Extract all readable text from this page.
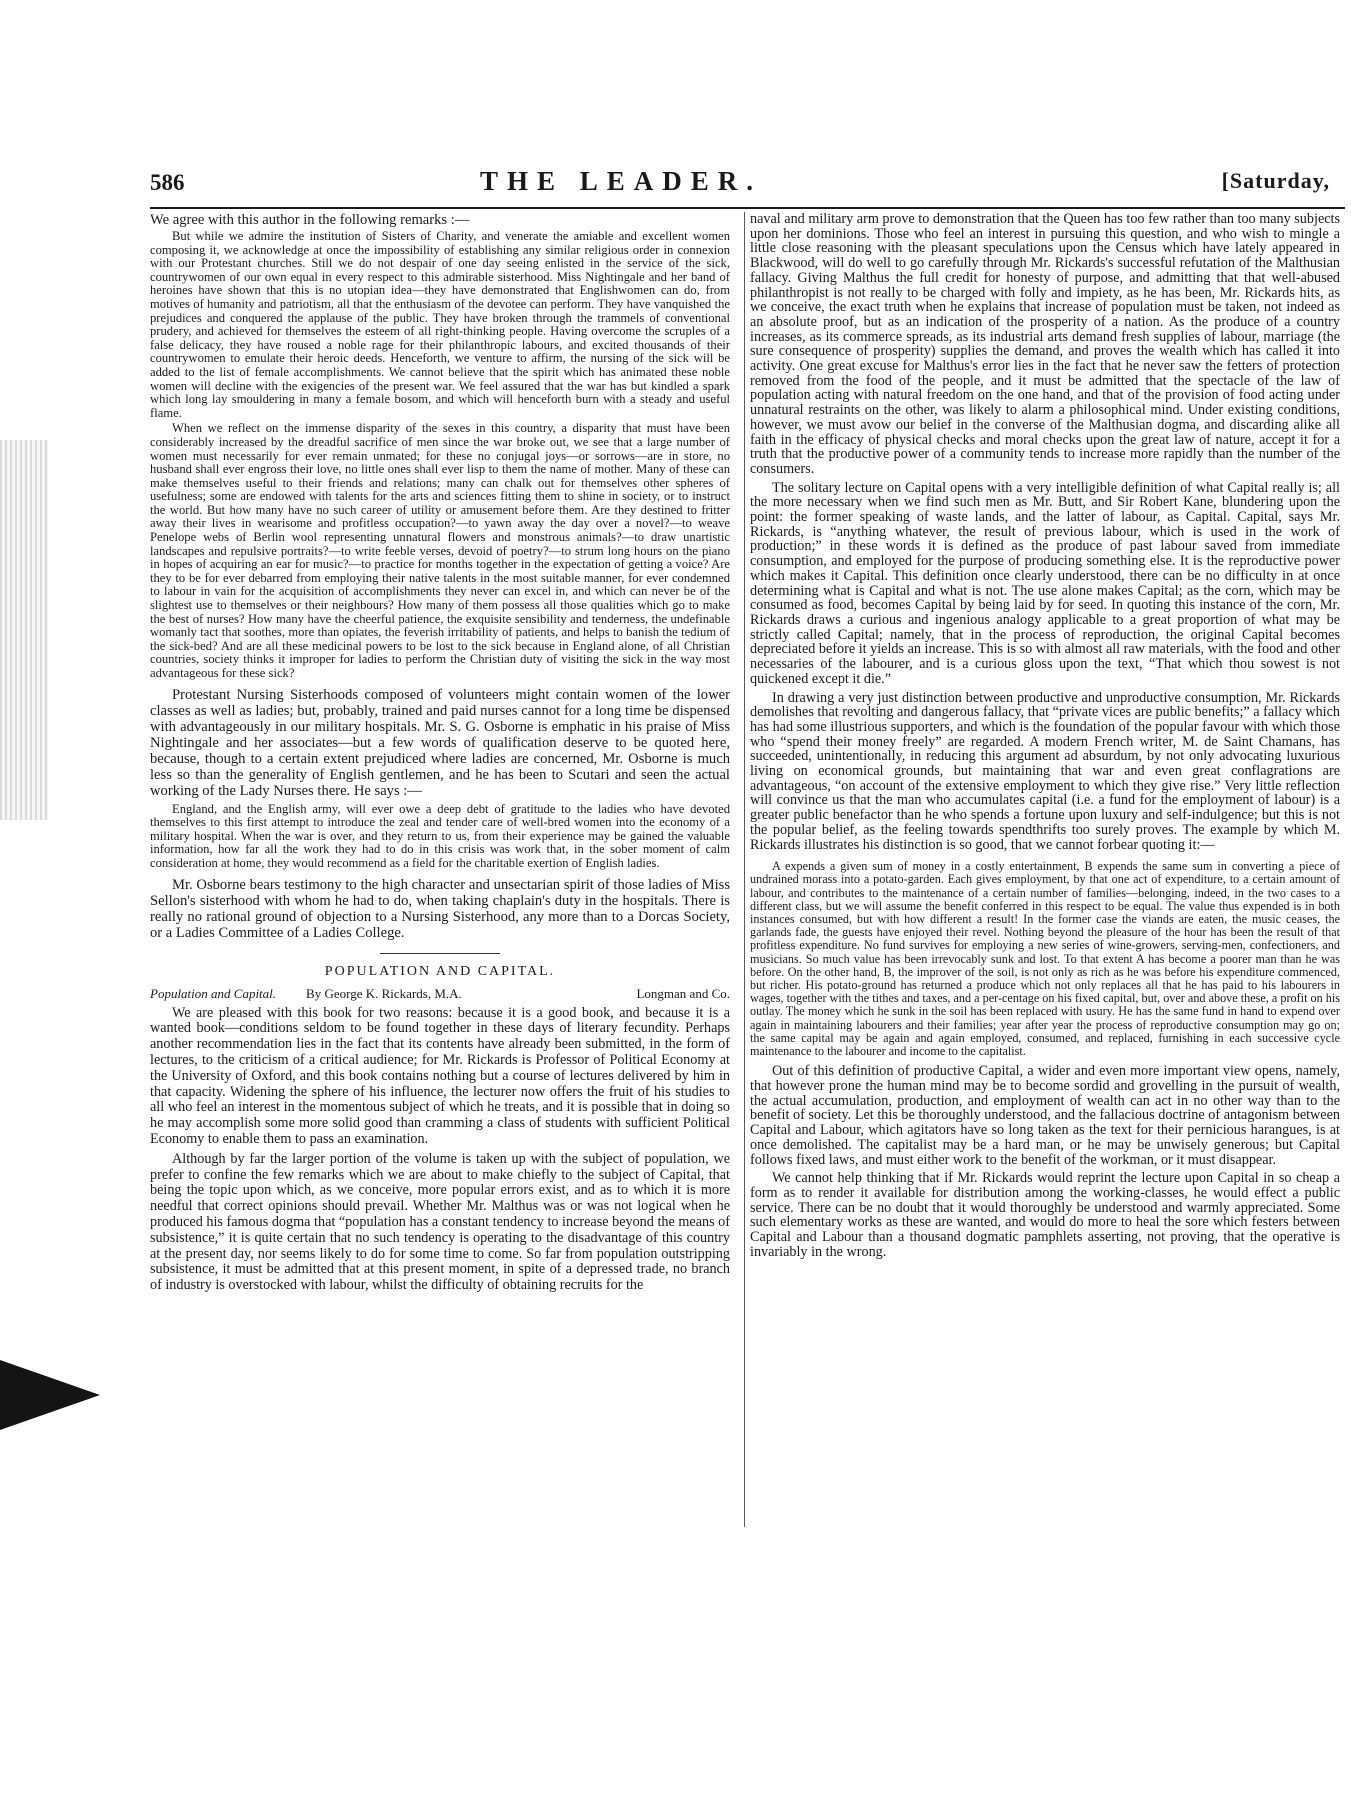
586	THE LEADER.	[Saturday,

We agree with this author in the following remarks :—

But while we admire the institution of Sisters of Charity, and venerate the amiable and excellent women composing it, we acknowledge at once the impossibility of establishing any similar religious order in connexion with our Protestant churches. Still we do not despair of one day seeing enlisted in the service of the sick, countrywomen of our own equal in every respect to this admirable sisterhood. Miss Nightingale and her band of heroines have shown that this is no utopian idea—they have demonstrated that Englishwomen can do, from motives of humanity and patriotism, all that the enthusiasm of the devotee can perform. They have vanquished the prejudices and conquered the applause of the public. They have broken through the trammels of conventional prudery, and achieved for themselves the esteem of all right-thinking people. Having overcome the scruples of a false delicacy, they have roused a noble rage for their philanthropic labours, and excited thousands of their countrywomen to emulate their heroic deeds. Henceforth, we venture to affirm, the nursing of the sick will be added to the list of female accomplishments. We cannot believe that the spirit which has animated these noble women will decline with the exigencies of the present war. We feel assured that the war has but kindled a spark which long lay smouldering in many a female bosom, and which will henceforth burn with a steady and useful flame.

When we reflect on the immense disparity of the sexes in this country, a disparity that must have been considerably increased by the dreadful sacrifice of men since the war broke out, we see that a large number of women must necessarily for ever remain unmated; for these no conjugal joys—or sorrows—are in store, no husband shall ever engross their love, no little ones shall ever lisp to them the name of mother. Many of these can make themselves useful to their friends and relations; many can chalk out for themselves other spheres of usefulness; some are endowed with talents for the arts and sciences fitting them to shine in society, or to instruct the world. But how many have no such career of utility or amusement before them. Are they destined to fritter away their lives in wearisome and profitless occupation?—to yawn away the day over a novel?—to weave Penelope webs of Berlin wool representing unnatural flowers and monstrous animals?—to draw unartistic landscapes and repulsive portraits?—to write feeble verses, devoid of poetry?—to strum long hours on the piano in hopes of acquiring an ear for music?—to practice for months together in the expectation of getting a voice? Are they to be for ever debarred from employing their native talents in the most suitable manner, for ever condemned to labour in vain for the acquisition of accomplishments they never can excel in, and which can never be of the slightest use to themselves or their neighbours? How many of them possess all those qualities which go to make the best of nurses? How many have the cheerful patience, the exquisite sensibility and tenderness, the undefinable womanly tact that soothes, more than opiates, the feverish irritability of patients, and helps to banish the tedium of the sick-bed? And are all these medicinal powers to be lost to the sick because in England alone, of all Christian countries, society thinks it improper for ladies to perform the Christian duty of visiting the sick in the way most advantageous for these sick?

Protestant Nursing Sisterhoods composed of volunteers might contain women of the lower classes as well as ladies; but, probably, trained and paid nurses cannot for a long time be dispensed with advantageously in our military hospitals. Mr. S. G. Osborne is emphatic in his praise of Miss Nightingale and her associates—but a few words of qualification deserve to be quoted here, because, though to a certain extent prejudiced where ladies are concerned, Mr. Osborne is much less so than the generality of English gentlemen, and he has been to Scutari and seen the actual working of the Lady Nurses there. He says :—

England, and the English army, will ever owe a deep debt of gratitude to the ladies who have devoted themselves to this first attempt to introduce the zeal and tender care of well-bred women into the economy of a military hospital. When the war is over, and they return to us, from their experience may be gained the valuable information, how far all the work they had to do in this crisis was work that, in the sober moment of calm consideration at home, they would recommend as a field for the charitable exertion of English ladies.

Mr. Osborne bears testimony to the high character and unsectarian spirit of those ladies of Miss Sellon's sisterhood with whom he had to do, when taking chaplain's duty in the hospitals. There is really no rational ground of objection to a Nursing Sisterhood, any more than to a Dorcas Society, or a Ladies Committee of a Ladies College.

POPULATION AND CAPITAL.

Population and Capital. By George K. Rickards, M.A.	Longman and Co.

We are pleased with this book for two reasons: because it is a good book, and because it is a wanted book—conditions seldom to be found together in these days of literary fecundity. Perhaps another recommendation lies in the fact that its contents have already been submitted, in the form of lectures, to the criticism of a critical audience; for Mr. Rickards is Professor of Political Economy at the University of Oxford, and this book contains nothing but a course of lectures delivered by him in that capacity. Widening the sphere of his influence, the lecturer now offers the fruit of his studies to all who feel an interest in the momentous subject of which he treats, and it is possible that in doing so he may accomplish some more solid good than cramming a class of students with sufficient Political Economy to enable them to pass an examination.

Although by far the larger portion of the volume is taken up with the subject of population, we prefer to confine the few remarks which we are about to make chiefly to the subject of Capital, that being the topic upon which, as we conceive, more popular errors exist, and as to which it is more needful that correct opinions should prevail. Whether Mr. Malthus was or was not logical when he produced his famous dogma that “population has a constant tendency to increase beyond the means of subsistence,” it is quite certain that no such tendency is operating to the disadvantage of this country at the present day, nor seems likely to do for some time to come. So far from population outstripping subsistence, it must be admitted that at this present moment, in spite of a depressed trade, no branch of industry is overstocked with labour, whilst the difficulty of obtaining recruits for the

naval and military arm prove to demonstration that the Queen has too few rather than too many subjects upon her dominions. Those who feel an interest in pursuing this question, and who wish to mingle a little close reasoning with the pleasant speculations upon the Census which have lately appeared in Blackwood, will do well to go carefully through Mr. Rickards's successful refutation of the Malthusian fallacy. Giving Malthus the full credit for honesty of purpose, and admitting that that well-abused philanthropist is not really to be charged with folly and impiety, as he has been, Mr. Rickards hits, as we conceive, the exact truth when he explains that increase of population must be taken, not indeed as an absolute proof, but as an indication of the prosperity of a nation. As the produce of a country increases, as its commerce spreads, as its industrial arts demand fresh supplies of labour, marriage (the sure consequence of prosperity) supplies the demand, and proves the wealth which has called it into activity. One great excuse for Malthus's error lies in the fact that he never saw the fetters of protection removed from the food of the people, and it must be admitted that the spectacle of the law of population acting with natural freedom on the one hand, and that of the provision of food acting under unnatural restraints on the other, was likely to alarm a philosophical mind. Under existing conditions, however, we must avow our belief in the converse of the Malthusian dogma, and discarding alike all faith in the efficacy of physical checks and moral checks upon the great law of nature, accept it for a truth that the productive power of a community tends to increase more rapidly than the number of the consumers.

The solitary lecture on Capital opens with a very intelligible definition of what Capital really is; all the more necessary when we find such men as Mr. Butt, and Sir Robert Kane, blundering upon the point: the former speaking of waste lands, and the latter of labour, as Capital. Capital, says Mr. Rickards, is “anything whatever, the result of previous labour, which is used in the work of production;” in these words it is defined as the produce of past labour saved from immediate consumption, and employed for the purpose of producing something else. It is the reproductive power which makes it Capital. This definition once clearly understood, there can be no difficulty in at once determining what is Capital and what is not. The use alone makes Capital; as the corn, which may be consumed as food, becomes Capital by being laid by for seed. In quoting this instance of the corn, Mr. Rickards draws a curious and ingenious analogy applicable to a great proportion of what may be strictly called Capital; namely, that in the process of reproduction, the original Capital becomes depreciated before it yields an increase. This is so with almost all raw materials, with the food and other necessaries of the labourer, and is a curious gloss upon the text, “That which thou sowest is not quickened except it die.”

In drawing a very just distinction between productive and unproductive consumption, Mr. Rickards demolishes that revolting and dangerous fallacy, that “private vices are public benefits;” a fallacy which has had some illustrious supporters, and which is the foundation of the popular favour with which those who “spend their money freely” are regarded. A modern French writer, M. de Saint Chamans, has succeeded, unintentionally, in reducing this argument ad absurdum, by not only advocating luxurious living on economical grounds, but maintaining that war and even great conflagrations are advantageous, “on account of the extensive employment to which they give rise.” Very little reflection will convince us that the man who accumulates capital (i.e. a fund for the employment of labour) is a greater public benefactor than he who spends a fortune upon luxury and self-indulgence; but this is not the popular belief, as the feeling towards spendthrifts too surely proves. The example by which M. Rickards illustrates his distinction is so good, that we cannot forbear quoting it:—

A expends a given sum of money in a costly entertainment, B expends the same sum in converting a piece of undrained morass into a potato-garden. Each gives employment, by that one act of expenditure, to a certain amount of labour, and contributes to the maintenance of a certain number of families—belonging, indeed, in the two cases to a different class, but we will assume the benefit conferred in this respect to be equal. The value thus expended is in both instances consumed, but with how different a result! In the former case the viands are eaten, the music ceases, the garlands fade, the guests have enjoyed their revel. Nothing beyond the pleasure of the hour has been the result of that profitless expenditure. No fund survives for employing a new series of wine-growers, serving-men, confectioners, and musicians. So much value has been irrevocably sunk and lost. To that extent A has become a poorer man than he was before. On the other hand, B, the improver of the soil, is not only as rich as he was before his expenditure commenced, but richer. His potato-ground has returned a produce which not only replaces all that he has paid to his labourers in wages, together with the tithes and taxes, and a per-centage on his fixed capital, but, over and above these, a profit on his outlay. The money which he sunk in the soil has been replaced with usury. He has the same fund in hand to expend over again in maintaining labourers and their families; year after year the process of reproductive consumption may go on; the same capital may be again and again employed, consumed, and replaced, furnishing in each successive cycle maintenance to the labourer and income to the capitalist.

Out of this definition of productive Capital, a wider and even more important view opens, namely, that however prone the human mind may be to become sordid and grovelling in the pursuit of wealth, the actual accumulation, production, and employment of wealth can act in no other way than to the benefit of society. Let this be thoroughly understood, and the fallacious doctrine of antagonism between Capital and Labour, which agitators have so long taken as the text for their pernicious harangues, is at once demolished. The capitalist may be a hard man, or he may be unwisely generous; but Capital follows fixed laws, and must either work to the benefit of the workman, or it must disappear.

We cannot help thinking that if Mr. Rickards would reprint the lecture upon Capital in so cheap a form as to render it available for distribution among the working-classes, he would effect a public service. There can be no doubt that it would thoroughly be understood and warmly appreciated. Some such elementary works as these are wanted, and would do more to heal the sore which festers between Capital and Labour than a thousand dogmatic pamphlets asserting, not proving, that the operative is invariably in the wrong.
